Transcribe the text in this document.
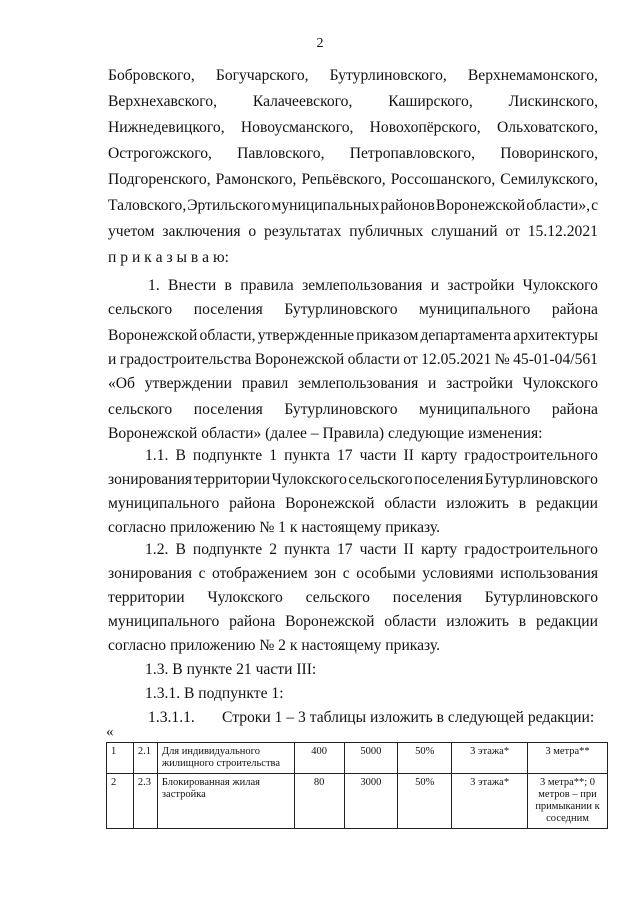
2
Бобровского, Богучарского, Бутурлиновского, Верхнемамонского,
Верхнехавского, Калачеевского, Каширского, Лискинского,
Нижнедевицкого, Новоусманского, Новохопёрского, Ольховатского,
Острогожского, Павловского, Петропавловского, Поворинского,
Подгоренского, Рамонского, Репьёвского, Россошанского, Семилукского,
Таловского, Эртильского муниципальных районов Воронежской области», с
учетом заключения о результатах публичных слушаний от 15.12.2021
п р и к а з ы в а ю:
1. Внести в правила землепользования и застройки Чулокского
сельского поселения Бутурлиновского муниципального района
Воронежской области, утвержденные приказом департамента архитектуры
и градостроительства Воронежской области от 12.05.2021 № 45-01-04/561
«Об утверждении правил землепользования и застройки Чулокского
сельского поселения Бутурлиновского муниципального района
Воронежской области» (далее – Правила) следующие изменения:
1.1. В подпункте 1 пункта 17 части II карту градостроительного
зонирования территории Чулокского сельского поселения Бутурлиновского
муниципального района Воронежской области изложить в редакции
согласно приложению № 1 к настоящему приказу.
1.2. В подпункте 2 пункта 17 части II карту градостроительного
зонирования с отображением зон с особыми условиями использования
территории Чулокского сельского поселения Бутурлиновского
муниципального района Воронежской области изложить в редакции
согласно приложению № 2 к настоящему приказу.
1.3. В пункте 21 части III:
1.3.1. В подпункте 1:
1.3.1.1. Строки 1 – 3 таблицы изложить в следующей редакции:
«
1	2.1	Для индивидуального жилищного строительства	400	5000	50%	3 этажа*	3 метра**
2	2.3	Блокированная жилая застройка	80	3000	50%	3 этажа*	3 метра**; 0 метров – при примыкании к соседним
